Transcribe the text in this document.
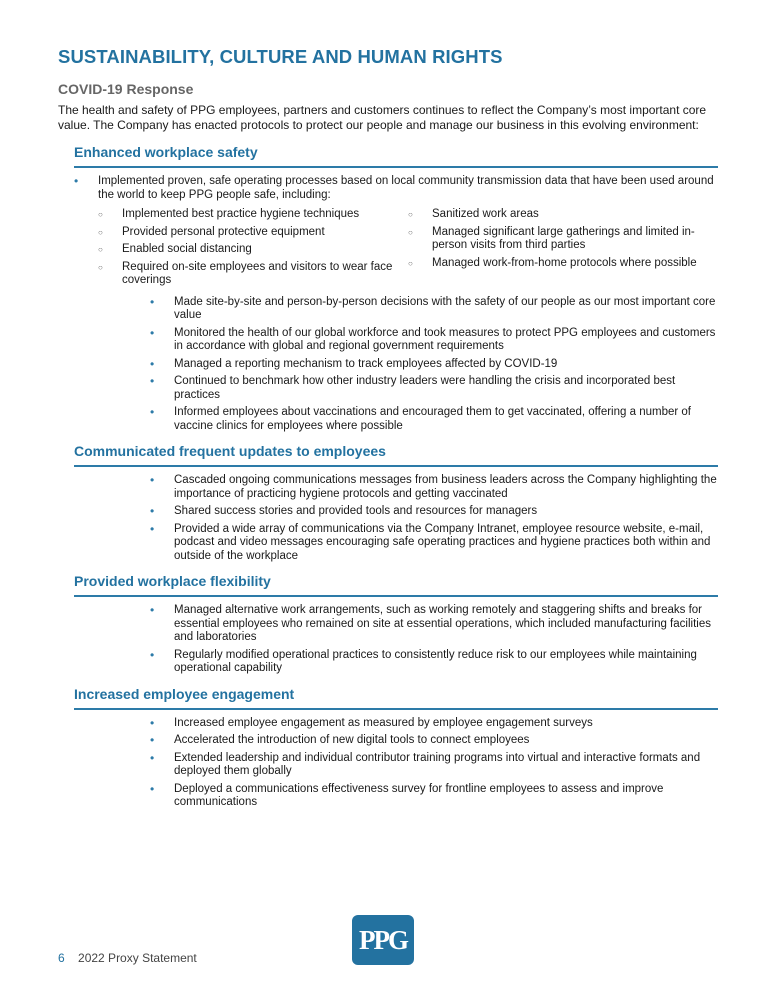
SUSTAINABILITY, CULTURE AND HUMAN RIGHTS
COVID-19 Response

The health and safety of PPG employees, partners and customers continues to reflect the Company’s most important core value. The Company has enacted protocols to protect our people and manage our business in this evolving environment:

Enhanced workplace safety
• Implemented proven, safe operating processes based on local community transmission data that have been used around the world to keep PPG people safe, including:
○ Implemented best practice hygiene techniques
○ Provided personal protective equipment
○ Enabled social distancing
○ Required on-site employees and visitors to wear face coverings
○ Sanitized work areas
○ Managed significant large gatherings and limited in-person visits from third parties
○ Managed work-from-home protocols where possible
• Made site-by-site and person-by-person decisions with the safety of our people as our most important core value
• Monitored the health of our global workforce and took measures to protect PPG employees and customers in accordance with global and regional government requirements
• Managed a reporting mechanism to track employees affected by COVID-19
• Continued to benchmark how other industry leaders were handling the crisis and incorporated best practices
• Informed employees about vaccinations and encouraged them to get vaccinated, offering a number of vaccine clinics for employees where possible
Communicated frequent updates to employees
• Cascaded ongoing communications messages from business leaders across the Company highlighting the importance of practicing hygiene protocols and getting vaccinated
• Shared success stories and provided tools and resources for managers
• Provided a wide array of communications via the Company Intranet, employee resource website, e-mail, podcast and video messages encouraging safe operating practices and hygiene practices both within and outside of the workplace
Provided workplace flexibility
• Managed alternative work arrangements, such as working remotely and staggering shifts and breaks for essential employees who remained on site at essential operations, which included manufacturing facilities and laboratories
• Regularly modified operational practices to consistently reduce risk to our employees while maintaining operational capability
Increased employee engagement
• Increased employee engagement as measured by employee engagement surveys
• Accelerated the introduction of new digital tools to connect employees
• Extended leadership and individual contributor training programs into virtual and interactive formats and deployed them globally
• Deployed a communications effectiveness survey for frontline employees to assess and improve communications
PPG
6 2022 Proxy Statement
